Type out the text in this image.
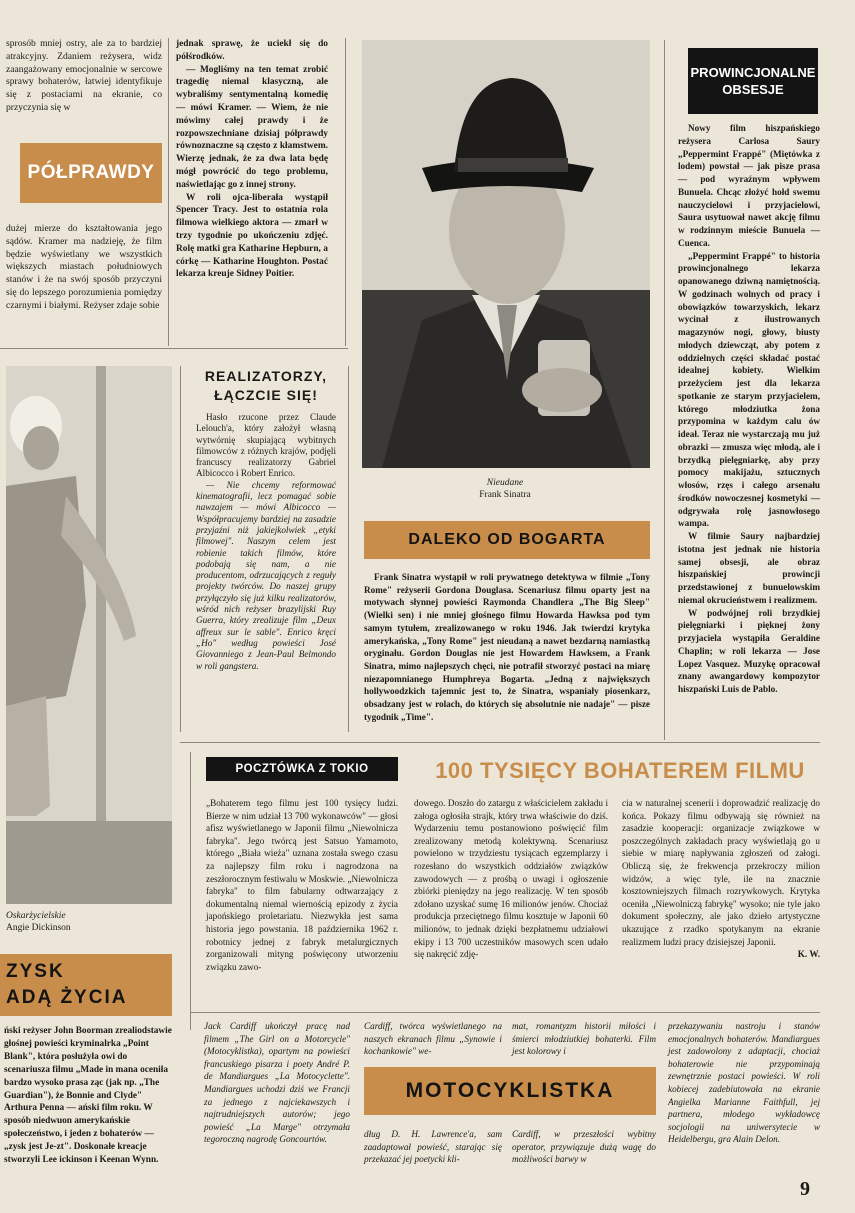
sprosób mniej ostry, ale za to bardziej atrakcyjny. Zdaniem reżysera, widz zaangażowany emocjonalnie w sercowe sprawy bohaterów, łatwiej identyfikuje się z postaciami na ekranie, co przyczynia się w

PÓŁPRAWDY

dużej mierze do kształtowania jego sądów. Kramer ma nadzieję, że film będzie wyświetlany we wszystkich większych miastach południowych stanów i że na swój sposób przyczyni się do lepszego porozumienia pomiędzy czarnymi i białymi. Reżyser zdaje sobie

jednak sprawę, że uciekł się do półśrodków.

— Mogliśmy na ten temat zrobić tragedię niemal klasyczną, ale wybraliśmy sentymentalną komedię — mówi Kramer. — Wiem, że nie mówimy całej prawdy i że rozpowszechniane dzisiaj półprawdy równoznaczne są często z kłamstwem. Wierzę jednak, że za dwa lata będę mógł powrócić do tego problemu, naświetlając go z innej strony.

W roli ojca-liberała wystąpił Spencer Tracy. Jest to ostatnia rola filmowa wielkiego aktora — zmarł w trzy tygodnie po ukończeniu zdjęć. Rolę matki gra Katharine Hepburn, a córkę — Katharine Houghton. Postać lekarza kreuje Sidney Poitier.

Nieudane
Frank Sinatra
PROWINCJONALNE
OBSESJE

Nowy film hiszpańskiego reżysera Carlosa Saury „Peppermint Frappé" (Miętówka z lodem) powstał — jak pisze prasa — pod wyraźnym wpływem Bunuela. Chcąc złożyć hołd swemu nauczycielowi i przyjacielowi, Saura usytuował nawet akcję filmu w rodzinnym mieście Bunuela — Cuenca.

„Peppermint Frappé" to historia prowincjonalnego lekarza opanowanego dziwną namiętnością. W godzinach wolnych od pracy i obowiązków towarzyskich, lekarz wycinał z ilustrowanych magazynów nogi, głowy, biusty młodych dziewcząt, aby potem z oddzielnych części składać postać idealnej kobiety. Wielkim przeżyciem jest dla lekarza spotkanie ze starym przyjacielem, którego młodziutka żona przypomina w każdym calu ów ideał. Teraz nie wystarczają mu już obrazki — zmusza więc młodą, ale i brzydką pielęgniarkę, aby przy pomocy makijażu, sztucznych włosów, rzęs i całego arsenału środków nowoczesnej kosmetyki — odgrywała rolę jasnowłosego wampa.

W filmie Saury najbardziej istotna jest jednak nie historia samej obsesji, ale obraz hiszpańskiej prowincji przedstawionej z bunuelowskim niemal okrucieństwem i realizmem.

W podwójnej roli brzydkiej pielęgniarki i pięknej żony przyjaciela wystąpiła Geraldine Chaplin; w roli lekarza — Jose Lopez Vasquez. Muzykę opracował znany awangardowy kompozytor hiszpański Luis de Pablo.

Oskarżycielskie
Angie Dickinson
REALIZATORZY, ŁĄCZCIE SIĘ!

Hasło rzucone przez Claude Lelouch'a, który założył własną wytwórnię skupiającą wybitnych filmowców z różnych krajów, podjęli francuscy realizatorzy Gabriel Albicocco i Robert Enrico.

— Nie chcemy reformować kinematografii, lecz pomagać sobie nawzajem — mówi Albicocco — Współpracujemy bardziej na zasadzie przyjaźni niż jakiejkolwiek „etyki filmowej". Naszym celem jest robienie takich filmów, które podobają się nam, a nie producentom, odrzucających z reguły projekty twórców. Do naszej grupy przyłączyło się już kilku realizatorów, wśród nich reżyser brazylijski Ruy Guerra, który zrealizuje film „Deux affreux sur le sable". Enrico kręci „Ho" według powieści José Giovanniego z Jean-Paul Belmondo w roli gangstera.

DALEKO OD BOGARTA

Frank Sinatra wystąpił w roli prywatnego detektywa w filmie „Tony Rome" reżyserii Gordona Douglasa. Scenariusz filmu oparty jest na motywach słynnej powieści Raymonda Chandlera „The Big Sleep" (Wielki sen) i nie mniej głośnego filmu Howarda Hawksa pod tym samym tytułem, zrealizowanego w roku 1946. Jak twierdzi krytyka amerykańska, „Tony Rome" jest nieudaną a nawet bezdarną namiastką oryginału. Gordon Douglas nie jest Howardem Hawksem, a Frank Sinatra, mimo najlepszych chęci, nie potrafił stworzyć postaci na miarę niezapomnianego Humphreya Bogarta. „Jedną z największych hollywoodzkich tajemnic jest to, że Sinatra, wspaniały piosenkarz, obsadzany jest w rolach, do których się absolutnie nie nadaje" — pisze tygodnik „Time".

ZYSK
ADĄ ŻYCIA

ński reżyser John Boorman zrealiodstawie głośnej powieści kryminalrka „Point Blank", która posłużyła owi do scenariusza filmu „Made in mana oceniła bardzo wysoko prasa ząc (jak np. „The Guardian"), że Bonnie and Clyde" Arthura Penna — ański film roku. W sposób niedwuon amerykańskie społeczeństwo, i jeden z bohaterów — „zysk jest Je-zt". Doskonałe kreacje stworzyli Lee ickinson i Keenan Wynn.

POCZTÓWKA Z TOKIO	100 TYSIĘCY BOHATEREM FILMU

„Bohaterem tego filmu jest 100 tysięcy ludzi. Bierze w nim udział 13 700 wykonawców" — głosi afisz wyświetlanego w Japonii filmu „Niewolnicza fabryka". Jego twórcą jest Satsuo Yamamoto, którego „Biała wieża" uznana została swego czasu za najlepszy film roku i nagrodzona na zeszłorocznym festiwalu w Moskwie. „Niewolnicza fabryka" to film fabularny odtwarzający z dokumentalną niemal wiernością epizody z życia japońskiego proletariatu. Niezwykła jest sama historia jego powstania. 18 października 1962 r. robotnicy jednej z fabryk metalurgicznych zorganizowali mityng poświęcony utworzeniu związku zawo-

dowego. Doszło do zatargu z właścicielem zakładu i załoga ogłosiła strajk, który trwa właściwie do dziś. Wydarzeniu temu postanowiono poświęcić film zrealizowany metodą kolektywną. Scenariusz powielono w trzydziestu tysiącach egzemplarzy i rozesłano do wszystkich oddziałów związków zawodowych — z prośbą o uwagi i ogłoszenie zbiórki pieniędzy na jego realizację. W ten sposób zdołano uzyskać sumę 16 milionów jenów. Chociaż produkcja przeciętnego filmu kosztuje w Japonii 60 milionów, to jednak dzięki bezpłatnemu udziałowi ekipy i 13 700 uczestników masowych scen udało się nakręcić zdję-

cia w naturalnej scenerii i doprowadzić realizację do końca. Pokazy filmu odbywają się również na zasadzie kooperacji: organizacje związkowe w poszczególnych zakładach pracy wyświetlają go u siebie w miarę napływania zgłoszeń od załogi. Obliczą się, że frekwencja przekroczy milion widzów, a więc tyle, ile na znacznie kosztowniejszych filmach rozrywkowych. Krytyka oceniła „Niewolniczą fabrykę" wysoko; nie tyle jako dokument społeczny, ale jako dzieło artystyczne ukazujące z rzadko spotykanym na ekranie realizmem ludzi pracy dzisiejszej Japonii.

K. W.

Jack Cardiff ukończył pracę nad filmem „The Girl on a Motorcycle" (Motocyklistka), opartym na powieści francuskiego pisarza i poety André P. de Mandiargues „La Motocyclette". Mandiargues uchodzi dziś we Francji za jednego z najciekawszych i najtrudniejszych autorów; jego powieść „La Marge" otrzymała tegoroczną nagrodę Goncourtów.

Cardiff, twórca wyświetlanego na naszych ekranach filmu „Synowie i kochankowie" we-

mat, romantyzm historii miłości i śmierci młodziutkiej bohaterki. Film jest kolorowy i

MOTOCYKLISTKA

dług D. H. Lawrence'a, sam zaadaptował powieść, starając się przekazać jej poetycki kli-

Cardiff, w przeszłości wybitny operator, przywiązuje dużą wagę do możliwości barwy w

przekazywaniu nastroju i stanów emocjonalnych bohaterów. Mandiargues jest zadowolony z adaptacji, chociaż bohaterowie nie przypominają zewnętrznie postaci powieści. W roli kobiecej zadebiutowała na ekranie Angielka Marianne Faithfull, jej partnera, młodego wykładowcę socjologii na uniwersytecie w Heidelbergu, gra Alain Delon.

9
